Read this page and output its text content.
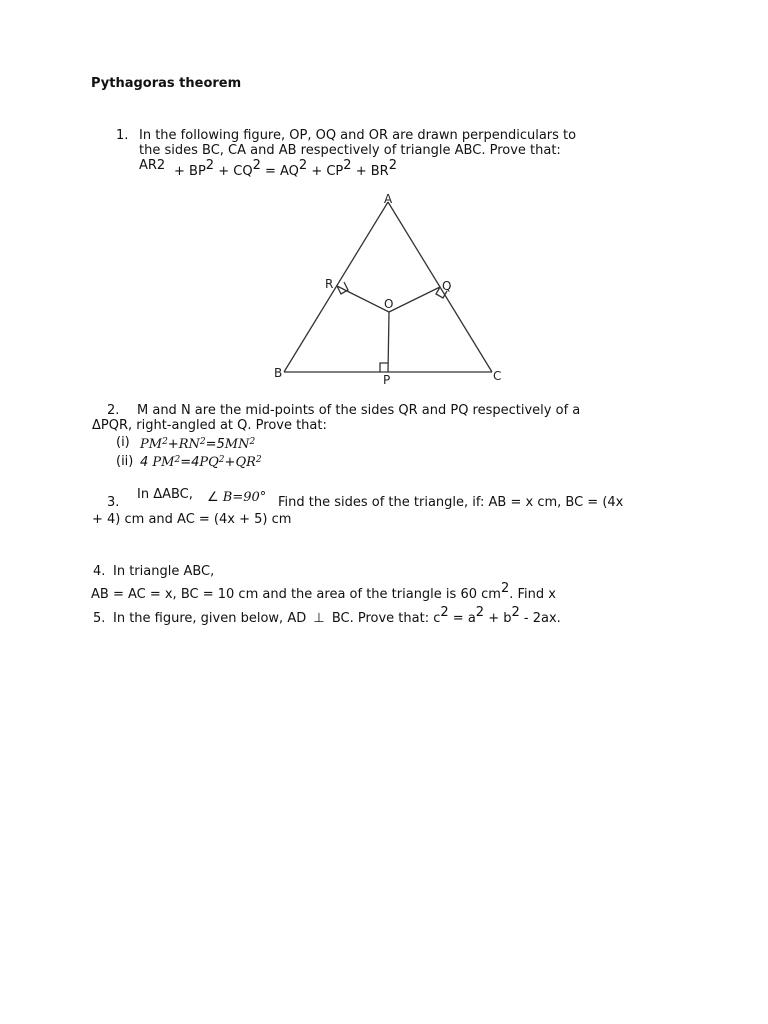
Pythagoras theorem
1. In the following figure, OP, OQ and OR are drawn perpendiculars to
the sides BC, CA and AB respectively of triangle ABC. Prove that:
AR2 + BP2 + CQ2 = AQ2 + CP2 + BR2
A
B	C
O
P
Q
R
2. M and N are the mid-points of the sides QR and PQ respectively of a
ΔPQR, right-angled at Q. Prove that:
(i) $PM^2+RN^2=5MN^2$
(ii) 4 $PM^2=4PQ^2+QR^2$
3.
In ΔABC, ∠ B=90° Find the sides of the triangle, if: AB = x cm, BC = (4x
+ 4) cm and AC = (4x + 5) cm
4. In triangle ABC,
AB = AC = x, BC = 10 cm and the area of the triangle is 60 cm2. Find x
5. In the figure, given below, AD ⊥ BC. Prove that: c2 = a2 + b2 - 2ax.
